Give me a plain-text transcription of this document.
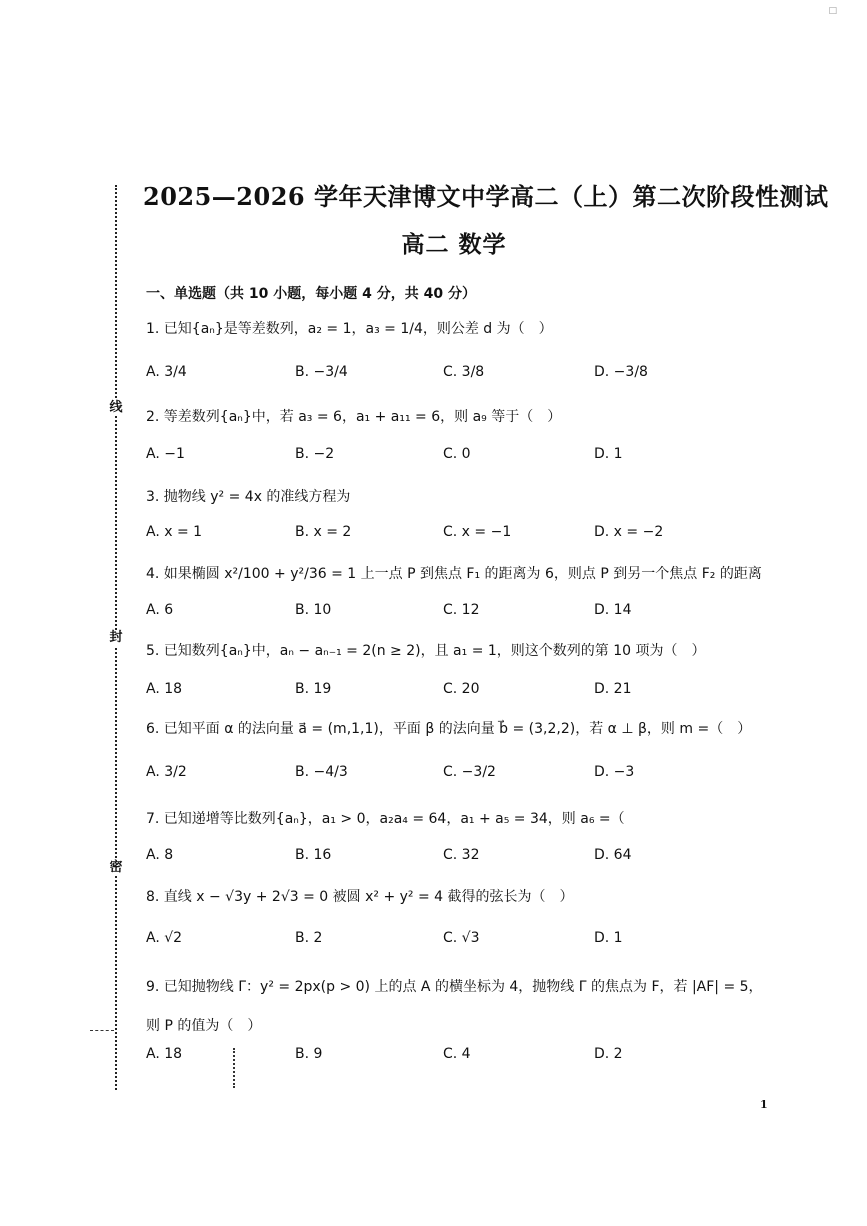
□
线
封
密
2025—2026 学年天津博文中学高二（上）第二次阶段性测试
高二 数学
一、单选题（共 10 小题，每小题 4 分，共 40 分）
1. 已知{aₙ}是等差数列，a₂ = 1，a₃ = 1/4，则公差 d 为（　）
A. 3/4	B. −3/4	C. 3/8	D. −3/8
2. 等差数列{aₙ}中，若 a₃ = 6，a₁ + a₁₁ = 6，则 a₉ 等于（　）
A. −1	B. −2	C. 0	D. 1
3. 抛物线 y² = 4x 的准线方程为
A. x = 1	B. x = 2	C. x = −1	D. x = −2
4. 如果椭圆 x²/100 + y²/36 = 1 上一点 P 到焦点 F₁ 的距离为 6，则点 P 到另一个焦点 F₂ 的距离
A. 6	B. 10	C. 12	D. 14
5. 已知数列{aₙ}中，aₙ − aₙ₋₁ = 2(n ≥ 2)，且 a₁ = 1，则这个数列的第 10 项为（　）
A. 18	B. 19	C. 20	D. 21
6. 已知平面 α 的法向量 a⃗ = (m,1,1)，平面 β 的法向量 b⃗ = (3,2,2)，若 α ⊥ β，则 m =（　）
A. 3/2	B. −4/3	C. −3/2	D. −3
7. 已知递增等比数列{aₙ}，a₁ > 0，a₂a₄ = 64，a₁ + a₅ = 34，则 a₆ =（
A. 8	B. 16	C. 32	D. 64
8. 直线 x − √3y + 2√3 = 0 被圆 x² + y² = 4 截得的弦长为（　）
A. √2	B. 2	C. √3	D. 1
9. 已知抛物线 Γ：y² = 2px(p > 0) 上的点 A 的横坐标为 4，抛物线 Γ 的焦点为 F，若 |AF| = 5，
则 P 的值为（　）
A. 18	B. 9	C. 4	D. 2
1
